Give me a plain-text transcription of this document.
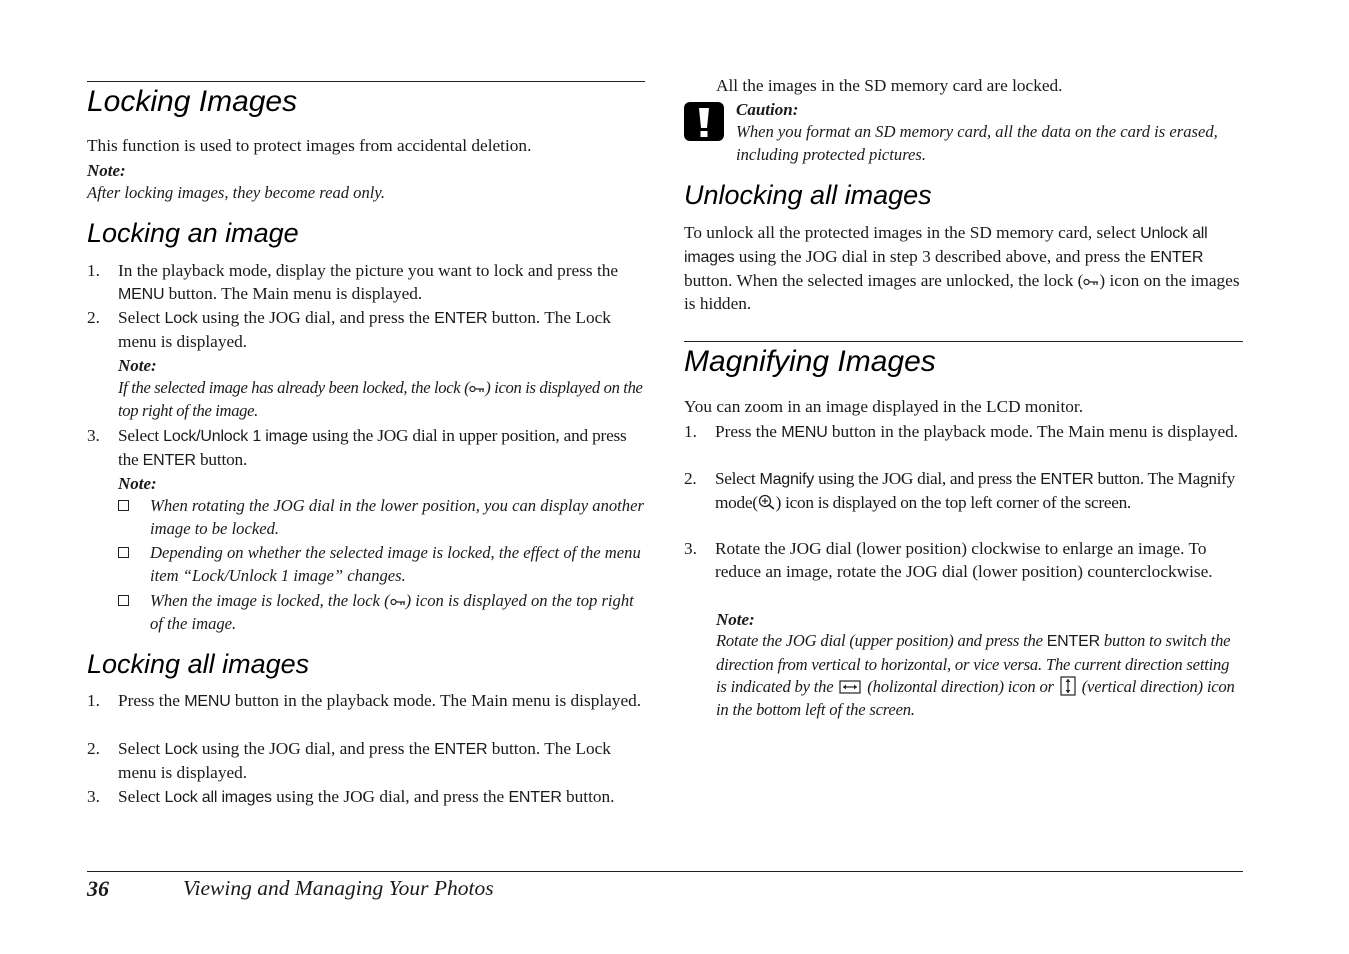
Locking Images
This function is used to protect images from accidental deletion.
Note:
After locking images, they become read only.
Locking an image
1.	In the playback mode, display the picture you want to lock and press the MENU button. The Main menu is displayed.
2.	Select Lock using the JOG dial, and press the ENTER button. The Lock menu is displayed.
Note:
If the selected image has already been locked, the lock ( ) icon is displayed on the top right of the image.
3.	Select Lock/Unlock 1 image using the JOG dial in upper position, and press the ENTER button.
Note:
When rotating the JOG dial in the lower position, you can display another image to be locked.
Depending on whether the selected image is locked, the effect of the menu item “Lock/Unlock 1 image” changes.
When the image is locked, the lock ( ) icon is displayed on the top right of the image.
Locking all images
1.	Press the MENU button in the playback mode. The Main menu is displayed.
2.	Select Lock using the JOG dial, and press the ENTER button. The Lock menu is displayed.
3.	Select Lock all images using the JOG dial, and press the ENTER button.
All the images in the SD memory card are locked.
Caution:
When you format an SD memory card, all the data on the card is erased, including protected pictures.
Unlocking all images
To unlock all the protected images in the SD memory card, select Unlock all images using the JOG dial in step 3 described above, and press the ENTER button. When the selected images are unlocked, the lock ( ) icon on the images is hidden.
Magnifying Images
You can zoom in an image displayed in the LCD monitor.
1.	Press the MENU button in the playback mode. The Main menu is displayed.
2.	Select Magnify using the JOG dial, and press the ENTER button. The Magnify mode( ) icon is displayed on the top left corner of the screen.
3.	Rotate the JOG dial (lower position) clockwise to enlarge an image. To reduce an image, rotate the JOG dial (lower position) counterclockwise.
Note:
Rotate the JOG dial (upper position) and press the ENTER button to switch the direction from vertical to horizontal, or vice versa. The current direction setting is indicated by the  (holizontal direction) icon or  (vertical direction) icon in the bottom left of the screen.
36	Viewing and Managing Your Photos
